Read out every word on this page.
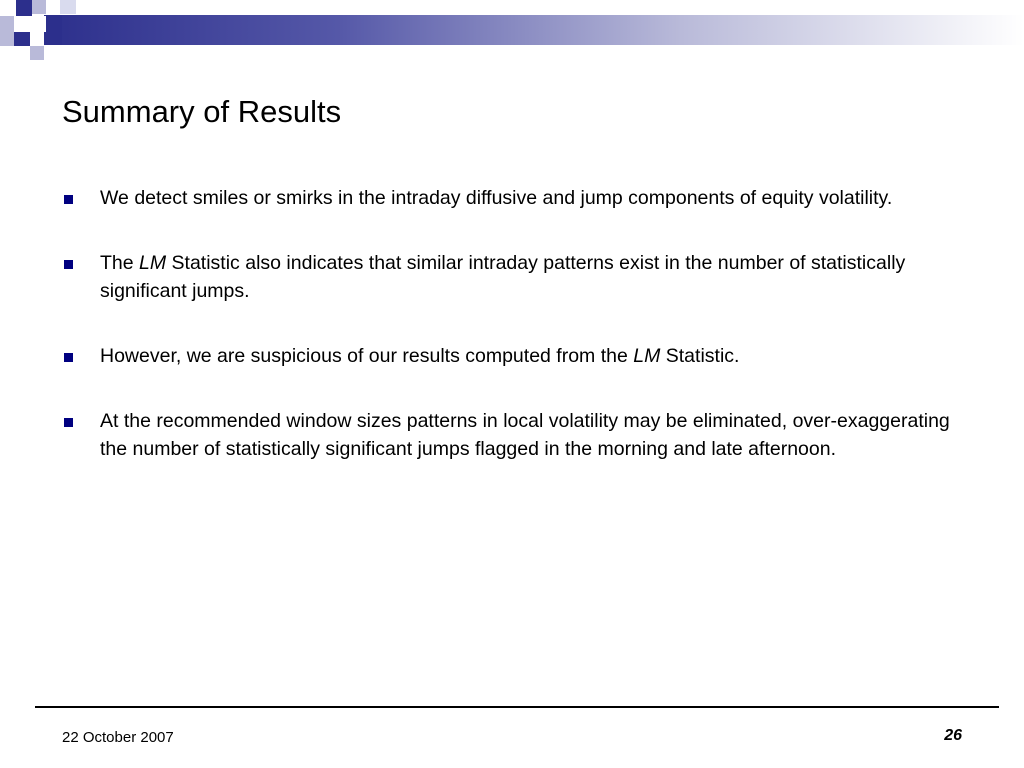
Summary of Results
We detect smiles or smirks in the intraday diffusive and jump components of equity volatility.
The LM Statistic also indicates that similar intraday patterns exist in the number of statistically significant jumps.
However, we are suspicious of our results computed from the LM Statistic.
At the recommended window sizes patterns in local volatility may be eliminated, over-exaggerating the number of statistically significant jumps flagged in the morning and late afternoon.
22 October 2007	26
